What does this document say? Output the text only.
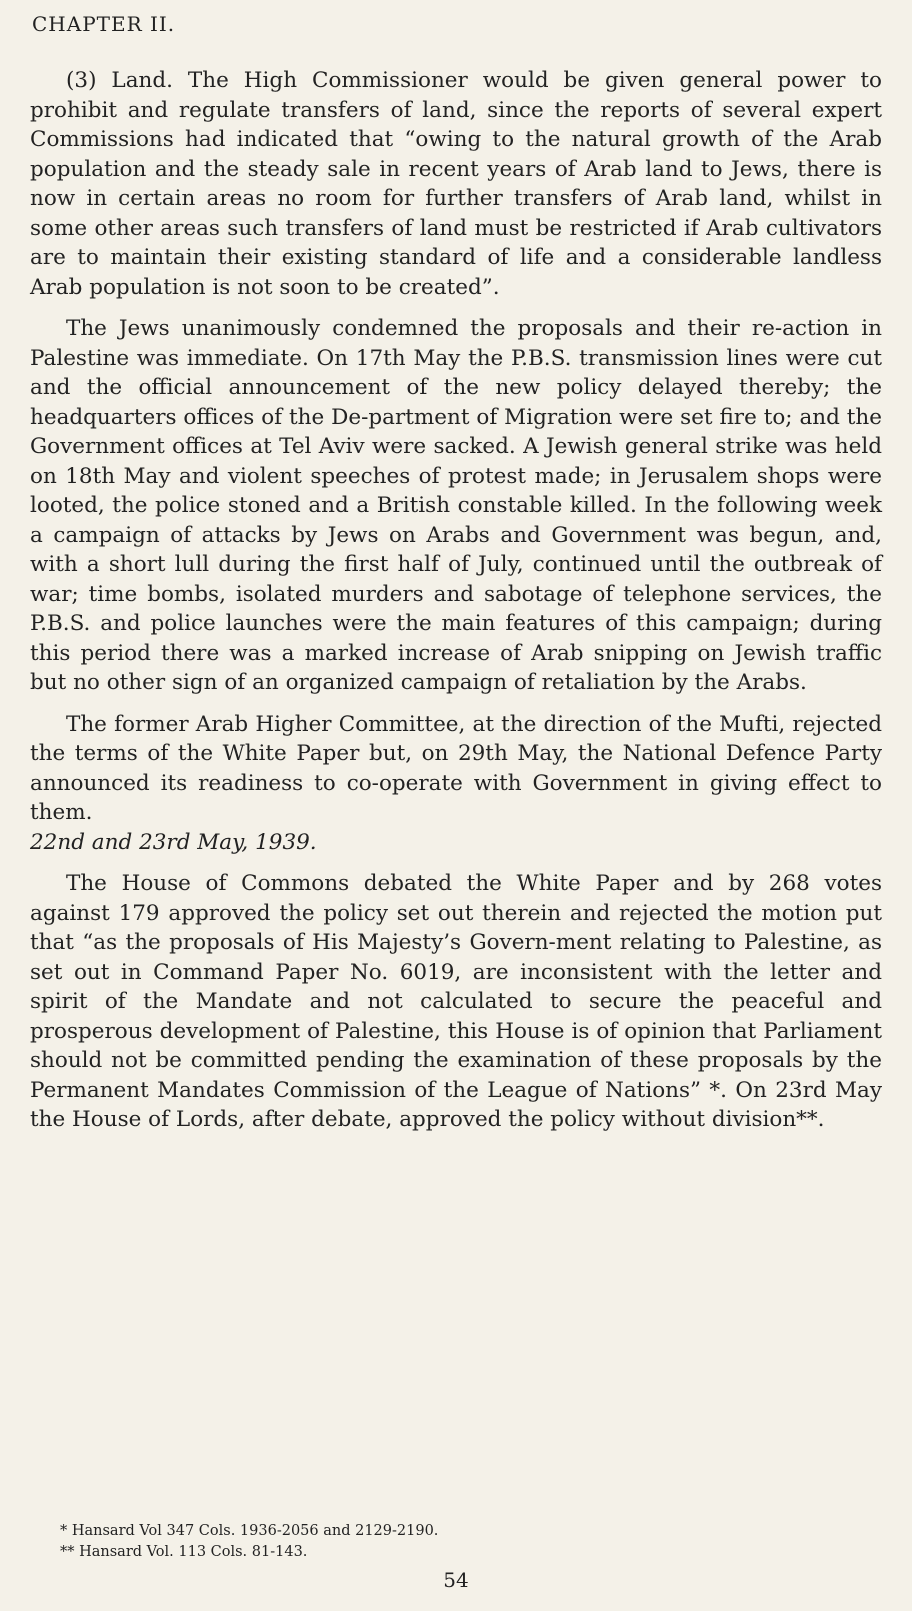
CHAPTER II.

(3) Land. The High Commissioner would be given general power to prohibit and regulate transfers of land, since the reports of several expert Commissions had indicated that “owing to the natural growth of the Arab population and the steady sale in recent years of Arab land to Jews, there is now in certain areas no room for further transfers of Arab land, whilst in some other areas such transfers of land must be restricted if Arab cultivators are to maintain their existing standard of life and a considerable landless Arab population is not soon to be created”.

The Jews unanimously condemned the proposals and their re-action in Palestine was immediate. On 17th May the P.B.S. transmission lines were cut and the official announcement of the new policy delayed thereby; the headquarters offices of the De-partment of Migration were set fire to; and the Government offices at Tel Aviv were sacked. A Jewish general strike was held on 18th May and violent speeches of protest made; in Jerusalem shops were looted, the police stoned and a British constable killed. In the following week a campaign of attacks by Jews on Arabs and Government was begun, and, with a short lull during the first half of July, continued until the outbreak of war; time bombs, isolated murders and sabotage of telephone services, the P.B.S. and police launches were the main features of this campaign; during this period there was a marked increase of Arab snipping on Jewish traffic but no other sign of an organized campaign of retaliation by the Arabs.

The former Arab Higher Committee, at the direction of the Mufti, rejected the terms of the White Paper but, on 29th May, the National Defence Party announced its readiness to co-operate with Government in giving effect to them.

22nd and 23rd May, 1939.

The House of Commons debated the White Paper and by 268 votes against 179 approved the policy set out therein and rejected the motion put that “as the proposals of His Majesty’s Govern-ment relating to Palestine, as set out in Command Paper No. 6019, are inconsistent with the letter and spirit of the Mandate and not calculated to secure the peaceful and prosperous development of Palestine, this House is of opinion that Parliament should not be committed pending the examination of these proposals by the Permanent Mandates Commission of the League of Nations” *. On 23rd May the House of Lords, after debate, approved the policy without division**.

* Hansard Vol 347 Cols. 1936-2056 and 2129-2190.
** Hansard Vol. 113 Cols. 81-143.
54
